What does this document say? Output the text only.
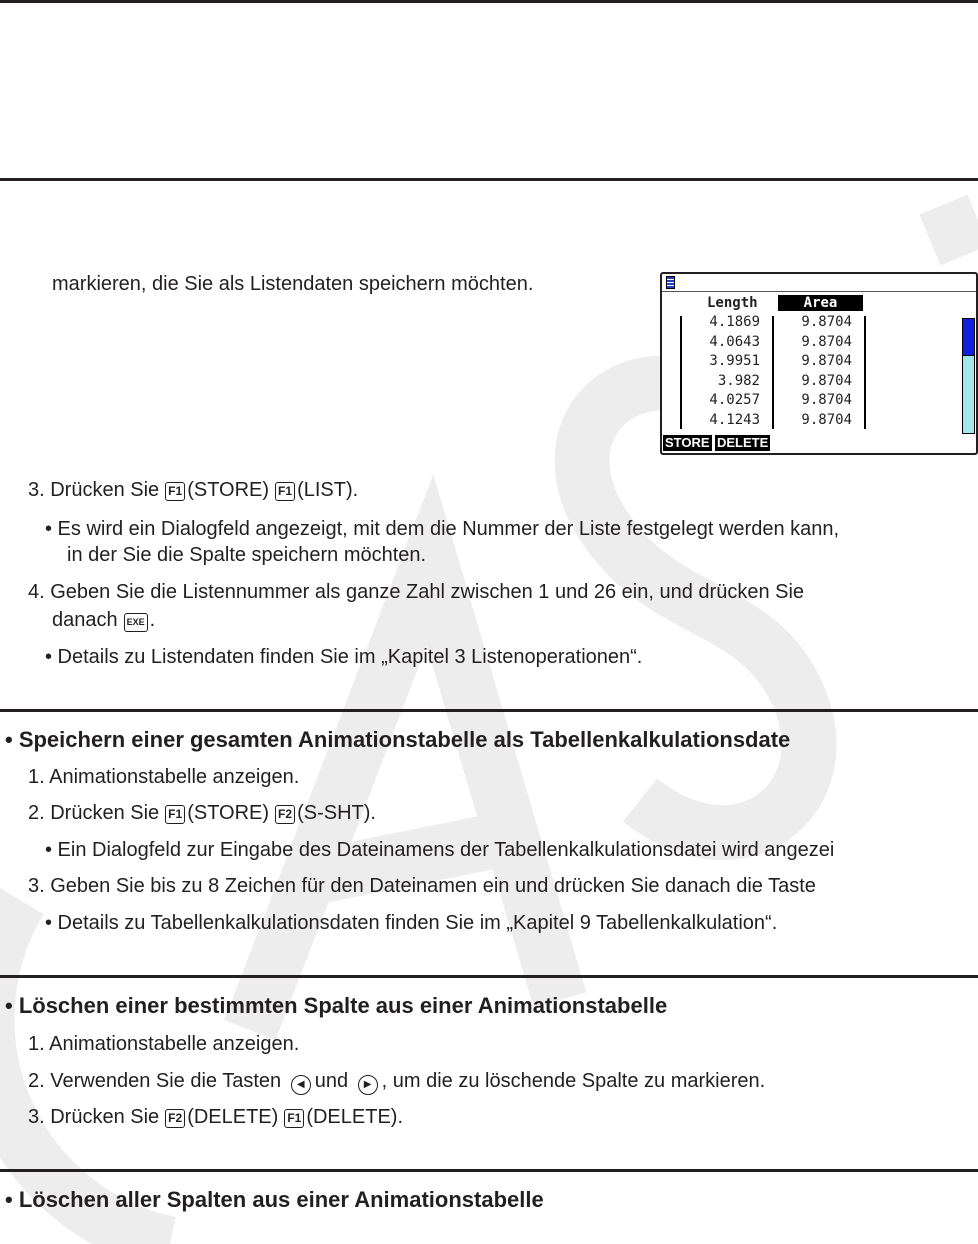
markieren, die Sie als Listendaten speichern möchten.
Length	Area
4.1869
4.0643
3.9951
3.982
4.0257
4.1243
9.8704
9.8704
9.8704
9.8704
9.8704
9.8704
STORE DELETE
3. Drücken Sie F1 (STORE) F1 (LIST).
• Es wird ein Dialogfeld angezeigt, mit dem die Nummer der Liste festgelegt werden kann,
in der Sie die Spalte speichern möchten.
4. Geben Sie die Listennummer als ganze Zahl zwischen 1 und 26 ein, und drücken Sie
danach EXE .
• Details zu Listendaten finden Sie im „Kapitel 3 Listenoperationen“.
• Speichern einer gesamten Animationstabelle als Tabellenkalkulationsdate
1. Animationstabelle anzeigen.
2. Drücken Sie F1 (STORE) F2 (S-SHT).
• Ein Dialogfeld zur Eingabe des Dateinamens der Tabellenkalkulationsdatei wird angezei
3. Geben Sie bis zu 8 Zeichen für den Dateinamen ein und drücken Sie danach die Taste
• Details zu Tabellenkalkulationsdaten finden Sie im „Kapitel 9 Tabellenkalkulation“.
• Löschen einer bestimmten Spalte aus einer Animationstabelle
1. Animationstabelle anzeigen.
2. Verwenden Sie die Tasten ◀ und ▶ , um die zu löschende Spalte zu markieren.
3. Drücken Sie F2 (DELETE) F1 (DELETE).
• Löschen aller Spalten aus einer Animationstabelle
